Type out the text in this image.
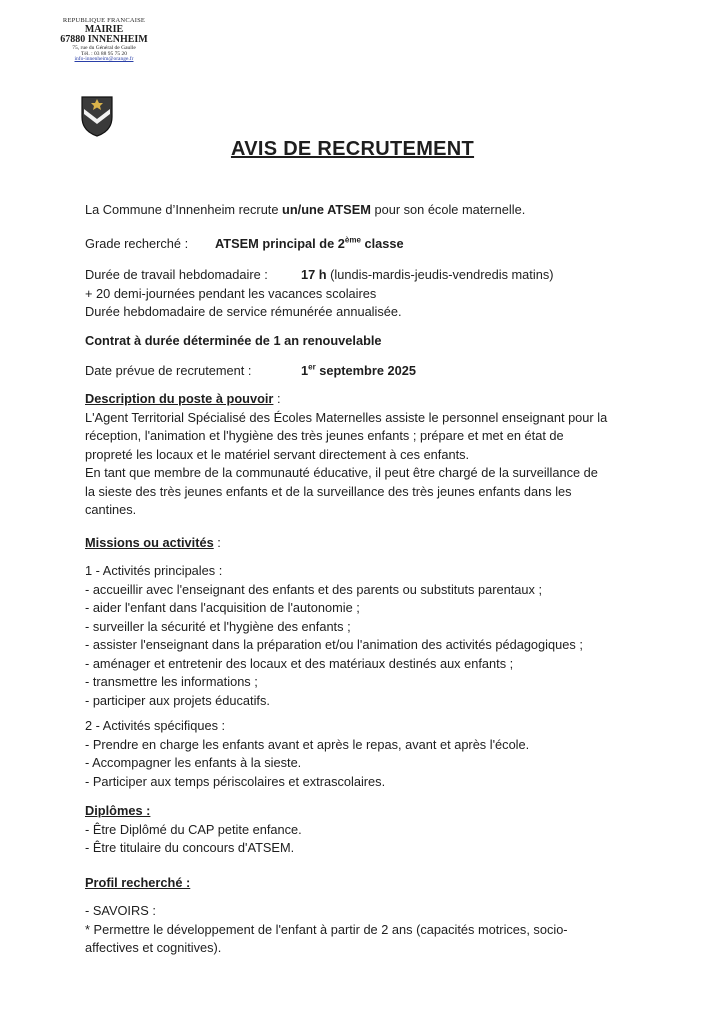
REPUBLIQUE FRANCAISE
MAIRIE
67880 INNENHEIM
75, rue du Général de Gaulle
Tél. : 03 88 95 75 20
info-innenheim@orange.fr
AVIS DE RECRUTEMENT
La Commune d’Innenheim recrute un/une ATSEM pour son école maternelle.
Grade recherché : ATSEM principal de 2ème classe
Durée de travail hebdomadaire :	17 h (lundis-mardis-jeudis-vendredis matins)
+ 20 demi-journées pendant les vacances scolaires
Durée hebdomadaire de service rémunérée annualisée.
Contrat à durée déterminée de 1 an renouvelable
Date prévue de recrutement :	1er septembre 2025
Description du poste à pouvoir :
L'Agent Territorial Spécialisé des Écoles Maternelles assiste le personnel enseignant pour la
réception, l'animation et l'hygiène des très jeunes enfants ; prépare et met en état de
propreté les locaux et le matériel servant directement à ces enfants.
En tant que membre de la communauté éducative, il peut être chargé de la surveillance de
la sieste des très jeunes enfants et de la surveillance des très jeunes enfants dans les
cantines.
Missions ou activités :
1 - Activités principales :
- accueillir avec l'enseignant des enfants et des parents ou substituts parentaux ;
- aider l'enfant dans l'acquisition de l'autonomie ;
- surveiller la sécurité et l'hygiène des enfants ;
- assister l'enseignant dans la préparation et/ou l'animation des activités pédagogiques ;
- aménager et entretenir des locaux et des matériaux destinés aux enfants ;
- transmettre les informations ;
- participer aux projets éducatifs.
2 - Activités spécifiques :
- Prendre en charge les enfants avant et après le repas, avant et après l'école.
- Accompagner les enfants à la sieste.
- Participer aux temps périscolaires et extrascolaires.
Diplômes :
- Être Diplômé du CAP petite enfance.
- Être titulaire du concours d'ATSEM.
Profil recherché :
- SAVOIRS :
* Permettre le développement de l'enfant à partir de 2 ans (capacités motrices, socio-
affectives et cognitives).
